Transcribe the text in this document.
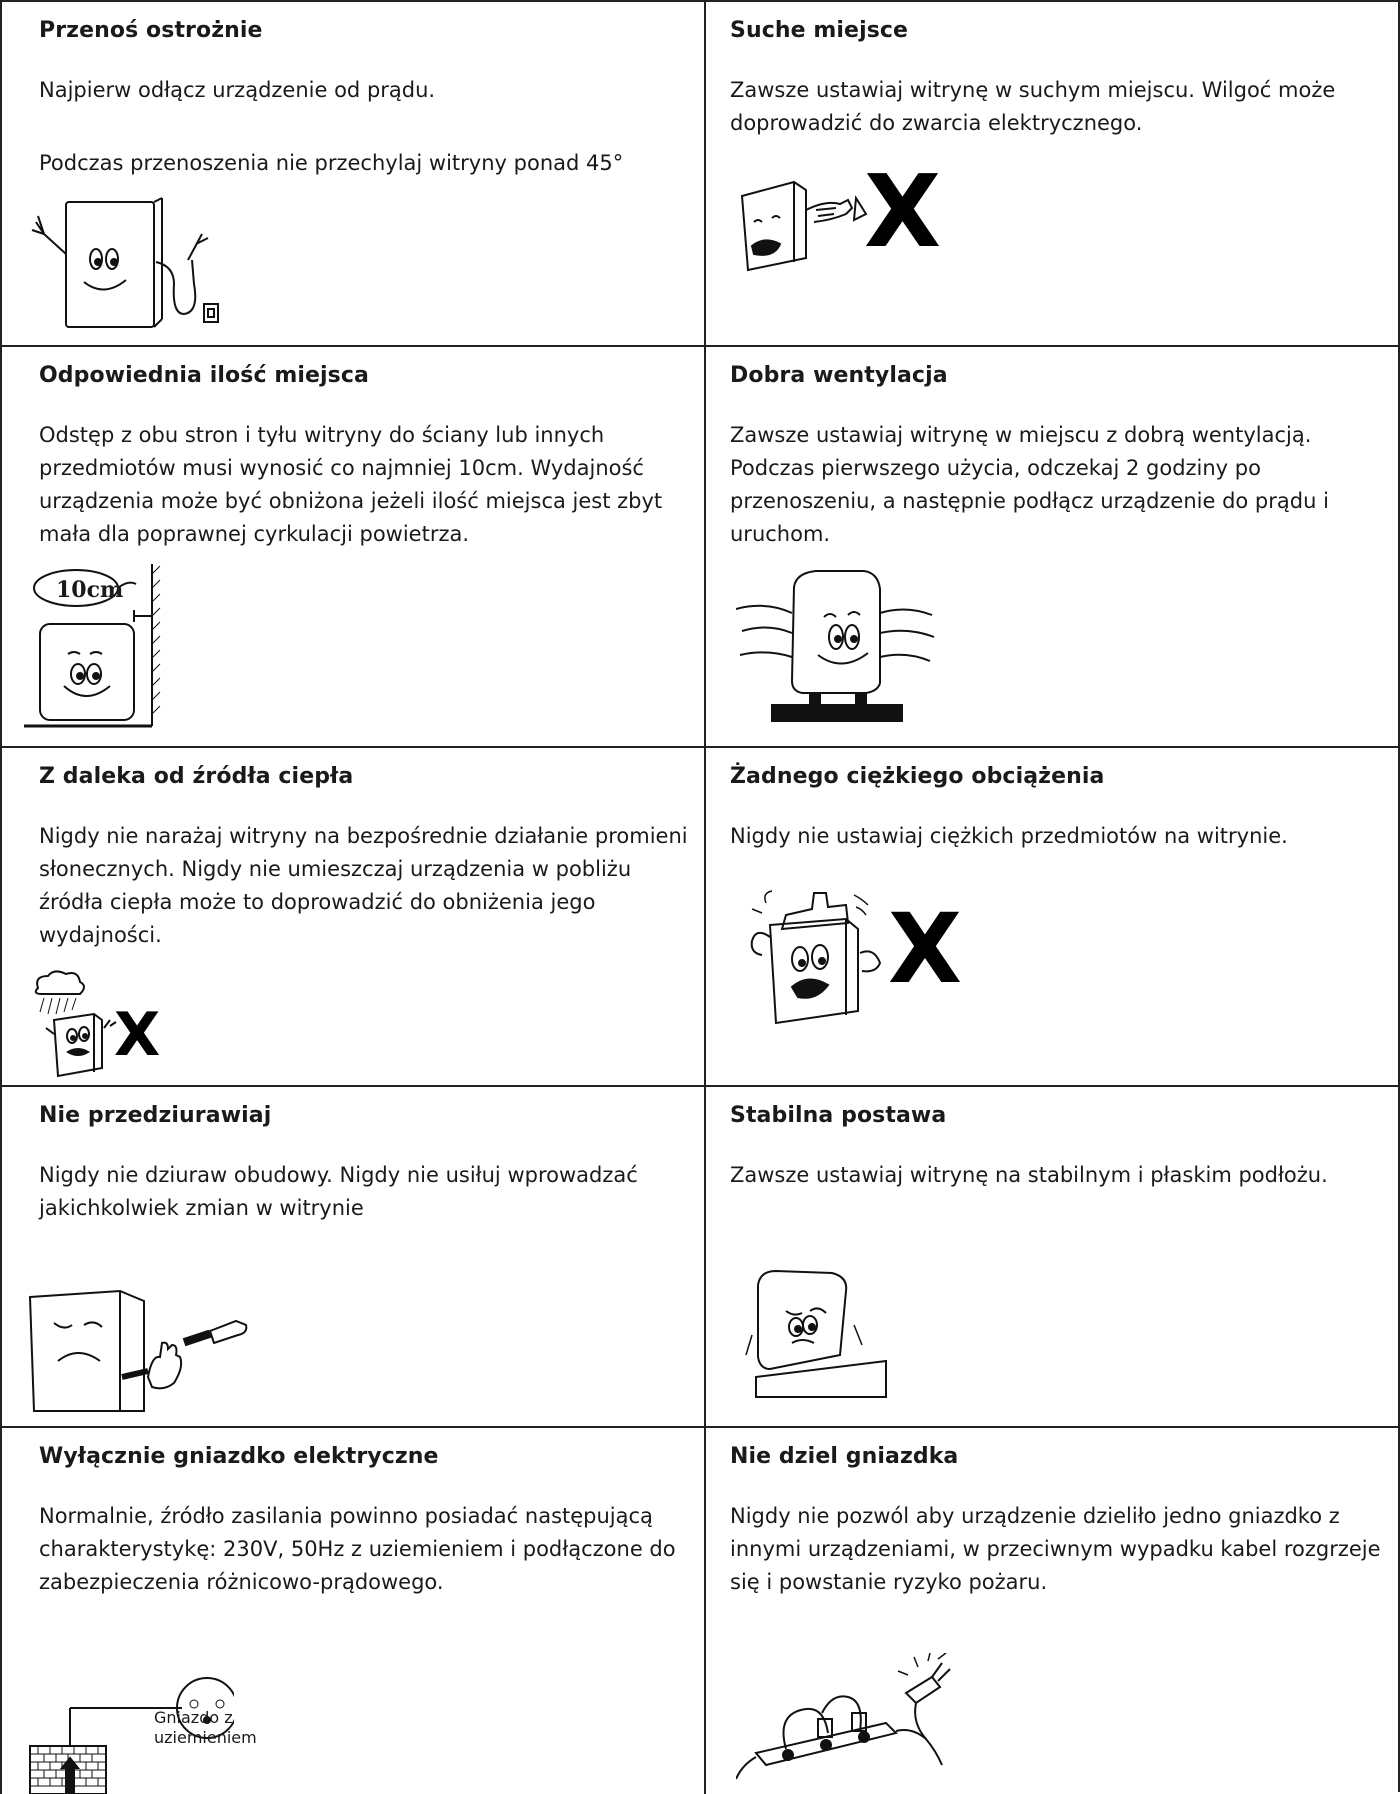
Przenoś ostrożnie

Najpierw odłącz urządzenie od prądu.

Podczas przenoszenia nie przechylaj witryny ponad 45°

Suche miejsce

Zawsze ustawiaj witrynę w suchym miejscu. Wilgoć może doprowadzić do zwarcia elektrycznego.

X
Odpowiednia ilość miejsca

Odstęp z obu stron i tyłu witryny do ściany lub innych przedmiotów musi wynosić co najmniej 10cm. Wydajność urządzenia może być obniżona jeżeli ilość miejsca jest zbyt mała dla poprawnej cyrkulacji powietrza.

10cm
Dobra wentylacja

Zawsze ustawiaj witrynę w miejscu z dobrą wentylacją. Podczas pierwszego użycia, odczekaj 2 godziny po przenoszeniu, a następnie podłącz urządzenie do prądu i uruchom.

Z daleka od źródła ciepła

Nigdy nie narażaj witryny na bezpośrednie działanie promieni słonecznych. Nigdy nie umieszczaj urządzenia w pobliżu źródła ciepła może to doprowadzić do obniżenia jego wydajności.

X
Żadnego ciężkiego obciążenia

Nigdy nie ustawiaj ciężkich przedmiotów na witrynie.

X
Nie przedziurawiaj

Nigdy nie dziuraw obudowy. Nigdy nie usiłuj wprowadzać jakichkolwiek zmian w witrynie

Stabilna postawa

Zawsze ustawiaj witrynę na stabilnym i płaskim podłożu.

Wyłącznie gniazdko elektryczne

Normalnie, źródło zasilania powinno posiadać następującą charakterystykę: 230V, 50Hz z uziemieniem i podłączone do zabezpieczenia różnicowo-prądowego.

Gniazdo z uziemieniem
Nie dziel gniazdka

Nigdy nie pozwól aby urządzenie dzieliło jedno gniazdko z innymi urządzeniami, w przeciwnym wypadku kabel rozgrzeje się i powstanie ryzyko pożaru.
